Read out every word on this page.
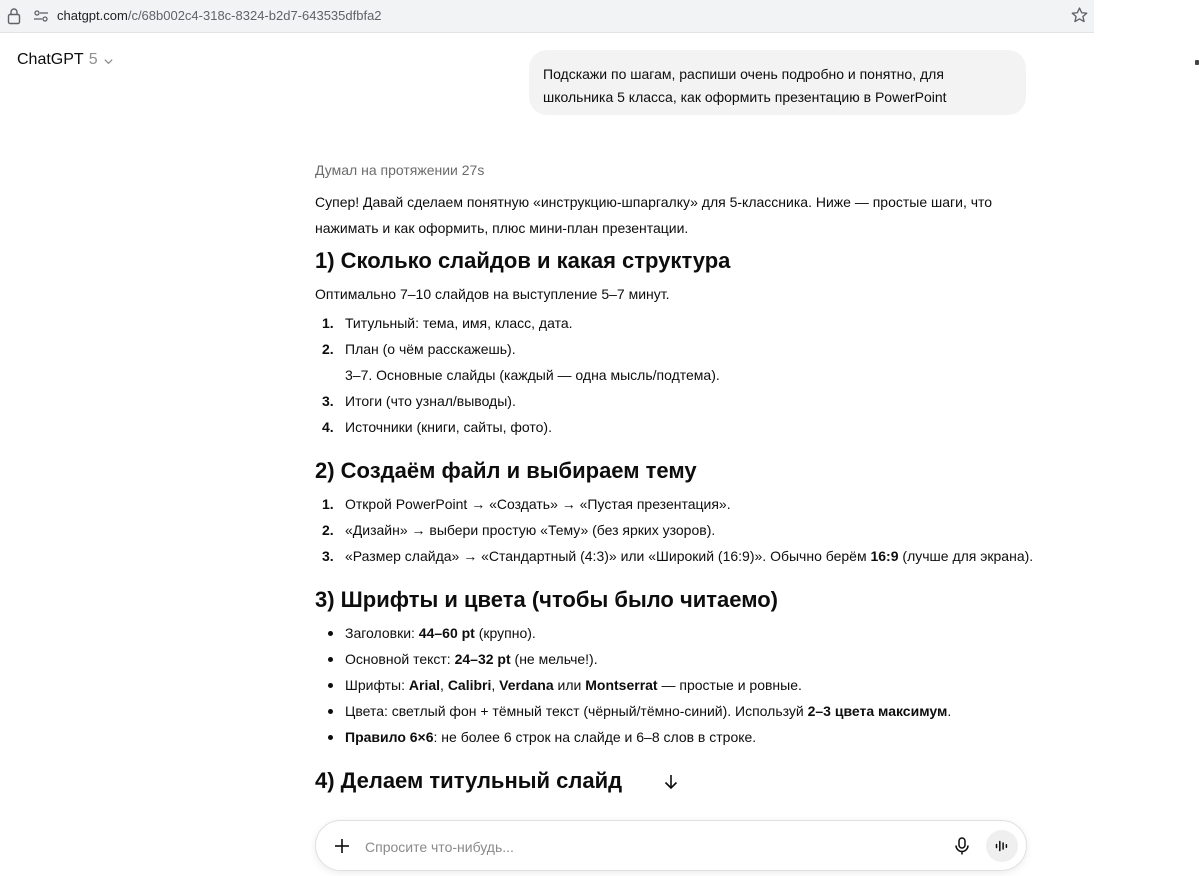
chatgpt.com/c/68b002c4-318c-8324-b2d7-643535dfbfa2
ChatGPT 5
Подскажи по шагам, распиши очень подробно и понятно, для школьника 5 класса, как оформить презентацию в PowerPoint
Думал на протяжении 27s
Супер! Давай сделаем понятную «инструкцию-шпаргалку» для 5-классника. Ниже — простые шаги, что нажимать и как оформить, плюс мини-план презентации.
1) Сколько слайдов и какая структура
Оптимально 7–10 слайдов на выступление 5–7 минут.
1. Титульный: тема, имя, класс, дата.
2. План (о чём расскажешь).
3–7. Основные слайды (каждый — одна мысль/подтема).
3. Итоги (что узнал/выводы).
4. Источники (книги, сайты, фото).
2) Создаём файл и выбираем тему
1. Открой PowerPoint → «Создать» → «Пустая презентация».
2. «Дизайн» → выбери простую «Тему» (без ярких узоров).
3. «Размер слайда» → «Стандартный (4:3)» или «Широкий (16:9)». Обычно берём 16:9 (лучше для экрана).
3) Шрифты и цвета (чтобы было читаемо)
Заголовки: 44–60 pt (крупно).
Основной текст: 24–32 pt (не мельче!).
Шрифты: Arial, Calibri, Verdana или Montserrat — простые и ровные.
Цвета: светлый фон + тёмный текст (чёрный/тёмно-синий). Используй 2–3 цвета максимум.
Правило 6×6: не более 6 строк на слайде и 6–8 слов в строке.
4) Делаем титульный слайд
Спросите что-нибудь...
